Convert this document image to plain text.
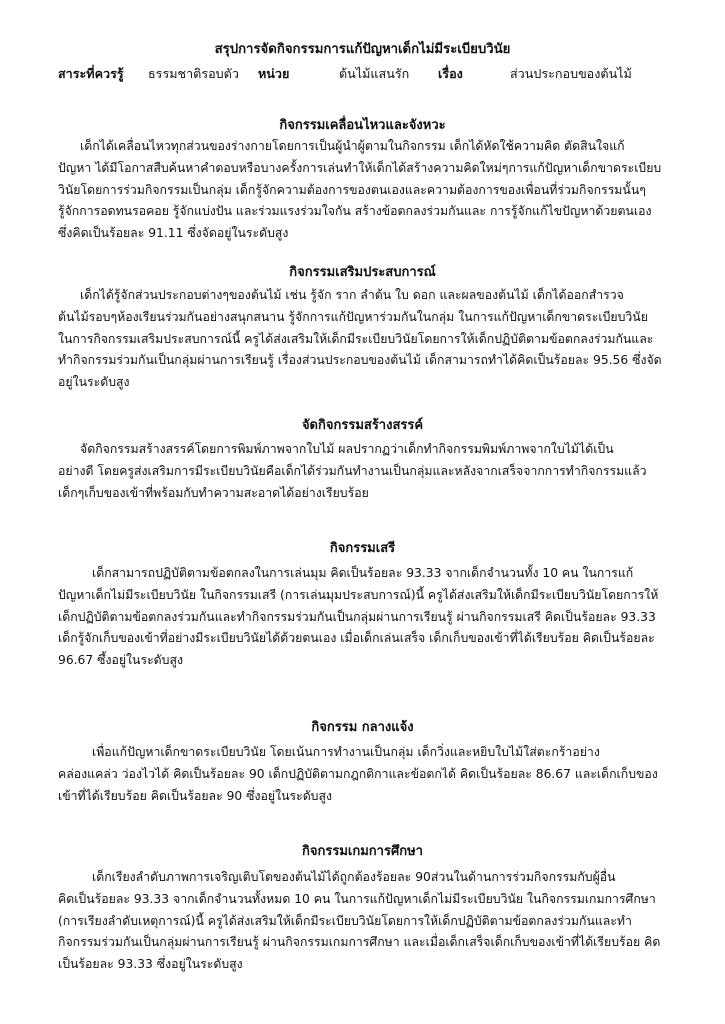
สรุปการจัดกิจกรรมการแก้ปัญหาเด็กไม่มีระเบียบวินัย
สาระที่ควรรู้ ธรรมชาติรอบตัว หน่วย	ต้นไม้แสนรัก เรื่อง	ส่วนประกอบของต้นไม้
กิจกรรมเคลื่อนไหวและจังหวะ
เด็กได้เคลื่อนไหวทุกส่วนของร่างกายโดยการเป็นผู้นำผู้ตามในกิจกรรม เด็กได้หัดใช้ความคิด ตัดสินใจแก้
ปัญหา ได้มีโอกาสสืบค้นหาคำตอบหรือบางครั้งการเล่นทำให้เด็กได้สร้างความคิดใหม่ๆการแก้ปัญหาเด็กขาดระเบียบ
วินัยโดยการร่วมกิจกรรมเป็นกลุ่ม เด็กรู้จักความต้องการของตนเองและความต้องการของเพื่อนที่ร่วมกิจกรรมนั้นๆ
รู้จักการอดทนรอคอย รู้จักแบ่งปัน และร่วมแรงร่วมใจกัน สร้างข้อตกลงร่วมกันและ การรู้จักแก้ไขปัญหาด้วยตนเอง
ซึ่งคิดเป็นร้อยละ 91.11 ซึ่งจัดอยู่ในระดับสูง
กิจกรรมเสริมประสบการณ์
เด็กได้รู้จักส่วนประกอบต่างๆของต้นไม้ เช่น รู้จัก ราก ลำต้น ใบ ดอก และผลของต้นไม้ เด็กได้ออกสำรวจ
ต้นไม้รอบๆห้องเรียนร่วมกันอย่างสนุกสนาน รู้จักการแก้ปัญหาร่วมกันในกลุ่ม ในการแก้ปัญหาเด็กขาดระเบียบวินัย
ในการกิจกรรมเสริมประสบการณ์นี้ ครูได้ส่งเสริมให้เด็กมีระเบียบวินัยโดยการให้เด็กปฏิบัติตามข้อตกลงร่วมกันและ
ทำกิจกรรมร่วมกันเป็นกลุ่มผ่านการเรียนรู้ เรื่องส่วนประกอบของต้นไม้ เด็กสามารถทำได้คิดเป็นร้อยละ 95.56 ซึ่งจัด
อยู่ในระดับสูง
จัดกิจกรรมสร้างสรรค์
จัดกิจกรรมสร้างสรรค์โดยการพิมพ์ภาพจากใบไม้ ผลปรากฏว่าเด็กทำกิจกรรมพิมพ์ภาพจากใบไม้ได้เป็น
อย่างดี โดยครูส่งเสริมการมีระเบียบวินัยคือเด็กได้ร่วมกันทำงานเป็นกลุ่มและหลังจากเสร็จจากการทำกิจกรรมแล้ว
เด็กๆเก็บของเข้าที่พร้อมกับทำความสะอาดได้อย่างเรียบร้อย
กิจกรรมเสรี
เด็กสามารถปฏิบัติตามข้อตกลงในการเล่นมุม คิดเป็นร้อยละ 93.33 จากเด็กจำนวนทั้ง 10 คน ในการแก้
ปัญหาเด็กไม่มีระเบียบวินัย ในกิจกรรมเสรี (การเล่นมุมประสบการณ์)นี้ ครูได้ส่งเสริมให้เด็กมีระเบียบวินัยโดยการให้
เด็กปฏิบัติตามข้อตกลงร่วมกันและทำกิจกรรมร่วมกันเป็นกลุ่มผ่านการเรียนรู้ ผ่านกิจกรรมเสรี คิดเป็นร้อยละ 93.33
เด็กรู้จักเก็บของเข้าที่อย่างมีระเบียบวินัยได้ด้วยตนเอง เมื่อเด็กเล่นเสร็จ เด็กเก็บของเข้าที่ได้เรียบร้อย คิดเป็นร้อยละ
96.67 ซึ้งอยู่ในระดับสูง
กิจกรรม กลางแจ้ง
เพื่อแก้ปัญหาเด็กขาดระเบียบวินัย โดยเน้นการทำงานเป็นกลุ่ม เด็กวิ่งและหยิบใบไม้ใส่ตะกร้าอย่าง
คล่องแคล่ว ว่องไวได้ คิดเป็นร้อยละ 90 เด็กปฏิบัติตามกฎกติกาและข้อตกได้ คิดเป็นร้อยละ 86.67 และเด็กเก็บของ
เข้าที่ได้เรียบร้อย คิดเป็นร้อยละ 90 ซึ่งอยู่ในระดับสูง
กิจกรรมเกมการศึกษา
เด็กเรียงลำดับภาพการเจริญเติบโตของต้นไม้ได้ถูกต้องร้อยละ 90ส่วนในด้านการร่วมกิจกรรมกับผู้อื่น
คิดเป็นร้อยละ 93.33 จากเด็กจำนวนทั้งหมด 10 คน ในการแก้ปัญหาเด็กไม่มีระเบียบวินัย ในกิจกรรมเกมการศึกษา
(การเรียงลำดับเหตุการณ์)นี้ ครูได้ส่งเสริมให้เด็กมีระเบียบวินัยโดยการให้เด็กปฏิบัติตามข้อตกลงร่วมกันและทำ
กิจกรรมร่วมกันเป็นกลุ่มผ่านการเรียนรู้ ผ่านกิจกรรมเกมการศึกษา และเมื่อเด็กเสร็จเด็กเก็บของเข้าที่ได้เรียบร้อย คิด
เป็นร้อยละ 93.33 ซึ่งอยู่ในระดับสูง
